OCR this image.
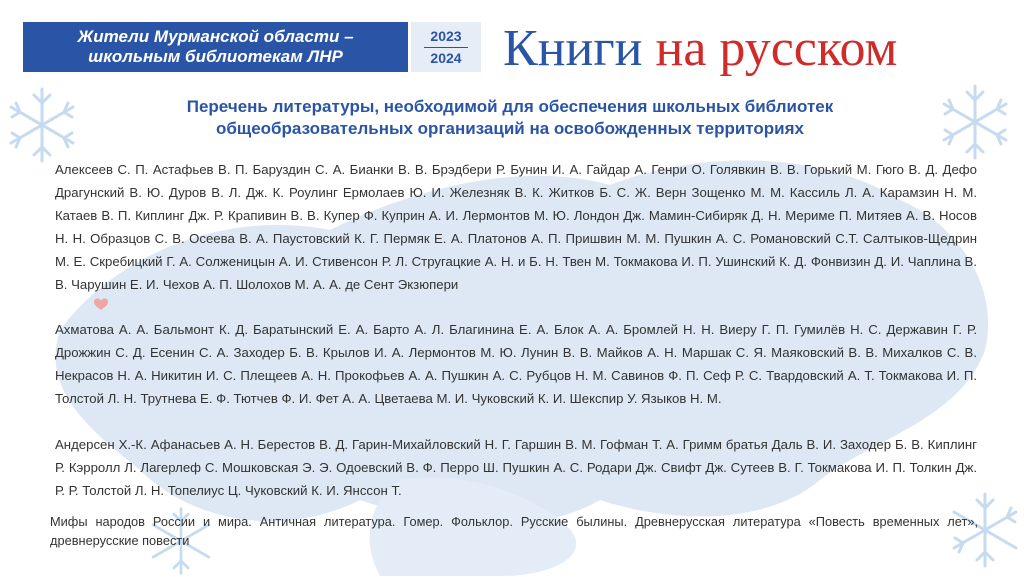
Жители Мурманской области –
школьным библиотекам ЛНР
2023
2024 Книги на русском
Перечень литературы, необходимой для обеспечения школьных библиотек
общеобразовательных организаций на освобожденных территориях
Алексеев С. П. Астафьев В. П. Баруздин С. А. Бианки В. В. Брэдбери Р. Бунин И. А. Гайдар А. Генри О. Голявкин В. В. Горький М. Гюго В. Д. Дефо Драгунский В. Ю. Дуров В. Л. Дж. К. Роулинг Ермолаев Ю. И. Железняк В. К. Житков Б. С. Ж. Верн Зощенко М. М. Кассиль Л. А. Карамзин Н. М. Катаев В. П. Киплинг Дж. Р. Крапивин В. В. Купер Ф. Куприн А. И. Лермонтов М. Ю. Лондон Дж. Мамин-Сибиряк Д. Н. Мериме П. Митяев А. В. Носов Н. Н. Образцов С. В. Осеева В. А. Паустовский К. Г. Пермяк Е. А. Платонов А. П. Пришвин М. М. Пушкин А. С. Романовский С.Т. Салтыков-Щедрин М. Е. Скребицкий Г. А. Солженицын А. И. Стивенсон Р. Л. Стругацкие А. Н. и Б. Н. Твен М. Токмакова И. П. Ушинский К. Д. Фонвизин Д. И. Чаплина В. В. Чарушин Е. И. Чехов А. П. Шолохов М. А. А. де Сент Экзюпери
Ахматова А. А. Бальмонт К. Д. Баратынский Е. А. Барто А. Л. Благинина Е. А. Блок А. А. Бромлей Н. Н. Виеру Г. П. Гумилёв Н. С. Державин Г. Р. Дрожжин С. Д. Есенин С. А. Заходер Б. В. Крылов И. А. Лермонтов М. Ю. Лунин В. В. Майков А. Н. Маршак С. Я. Маяковский В. В. Михалков С. В. Некрасов Н. А. Никитин И. С. Плещеев А. Н. Прокофьев А. А. Пушкин А. С. Рубцов Н. М. Савинов Ф. П. Сеф Р. С. Твардовский А. Т. Токмакова И. П. Толстой Л. Н. Трутнева Е. Ф. Тютчев Ф. И. Фет А. А. Цветаева М. И. Чуковский К. И. Шекспир У. Языков Н. М.
Андерсен Х.-К. Афанасьев А. Н. Берестов В. Д. Гарин-Михайловский Н. Г. Гаршин В. М. Гофман Т. А. Гримм братья Даль В. И. Заходер Б. В. Киплинг Р. Кэрролл Л. Лагерлеф С. Мошковская Э. Э. Одоевский В. Ф. Перро Ш. Пушкин А. С. Родари Дж. Свифт Дж. Сутеев В. Г. Токмакова И. П. Толкин Дж. Р. Р. Толстой Л. Н. Топелиус Ц. Чуковский К. И. Янссон Т.
Мифы народов России и мира. Античная литература. Гомер. Фольклор. Русские былины. Древнерусская литература «Повесть временных лет», древнерусские повести
